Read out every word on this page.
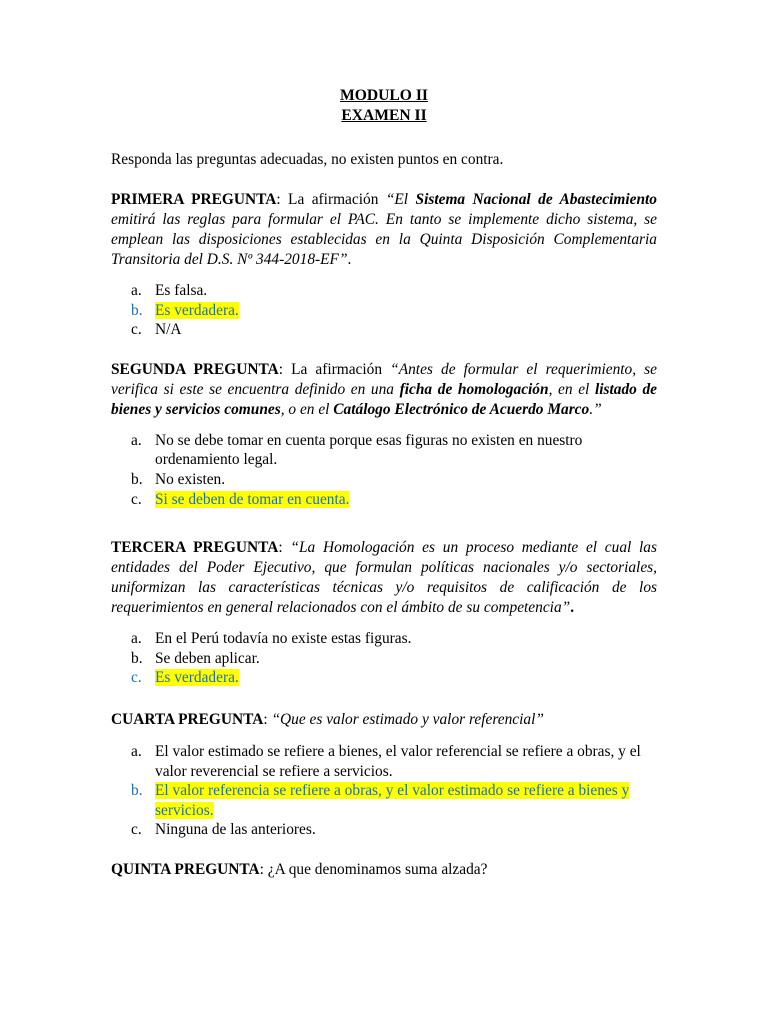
MODULO II
EXAMEN II

Responda las preguntas adecuadas, no existen puntos en contra.

PRIMERA PREGUNTA: La afirmación “El Sistema Nacional de Abastecimiento emitirá las reglas para formular el PAC. En tanto se implemente dicho sistema, se emplean las disposiciones establecidas en la Quinta Disposición Complementaria Transitoria del D.S. Nº 344-2018-EF”.

a. Es falsa.
b. Es verdadera.
c. N/A

SEGUNDA PREGUNTA: La afirmación “Antes de formular el requerimiento, se verifica si este se encuentra definido en una ficha de homologación, en el listado de bienes y servicios comunes, o en el Catálogo Electrónico de Acuerdo Marco.”

a. No se debe tomar en cuenta porque esas figuras no existen en nuestro ordenamiento legal.
b. No existen.
c. Si se deben de tomar en cuenta.

TERCERA PREGUNTA: “La Homologación es un proceso mediante el cual las entidades del Poder Ejecutivo, que formulan políticas nacionales y/o sectoriales, uniformizan las características técnicas y/o requisitos de calificación de los requerimientos en general relacionados con el ámbito de su competencia”.

a. En el Perú todavía no existe estas figuras.
b. Se deben aplicar.
c. Es verdadera.

CUARTA PREGUNTA: “Que es valor estimado y valor referencial”

a. El valor estimado se refiere a bienes, el valor referencial se refiere a obras, y el valor reverencial se refiere a servicios.
b. El valor referencia se refiere a obras, y el valor estimado se refiere a bienes y servicios.
c. Ninguna de las anteriores.

QUINTA PREGUNTA: ¿A que denominamos suma alzada?
